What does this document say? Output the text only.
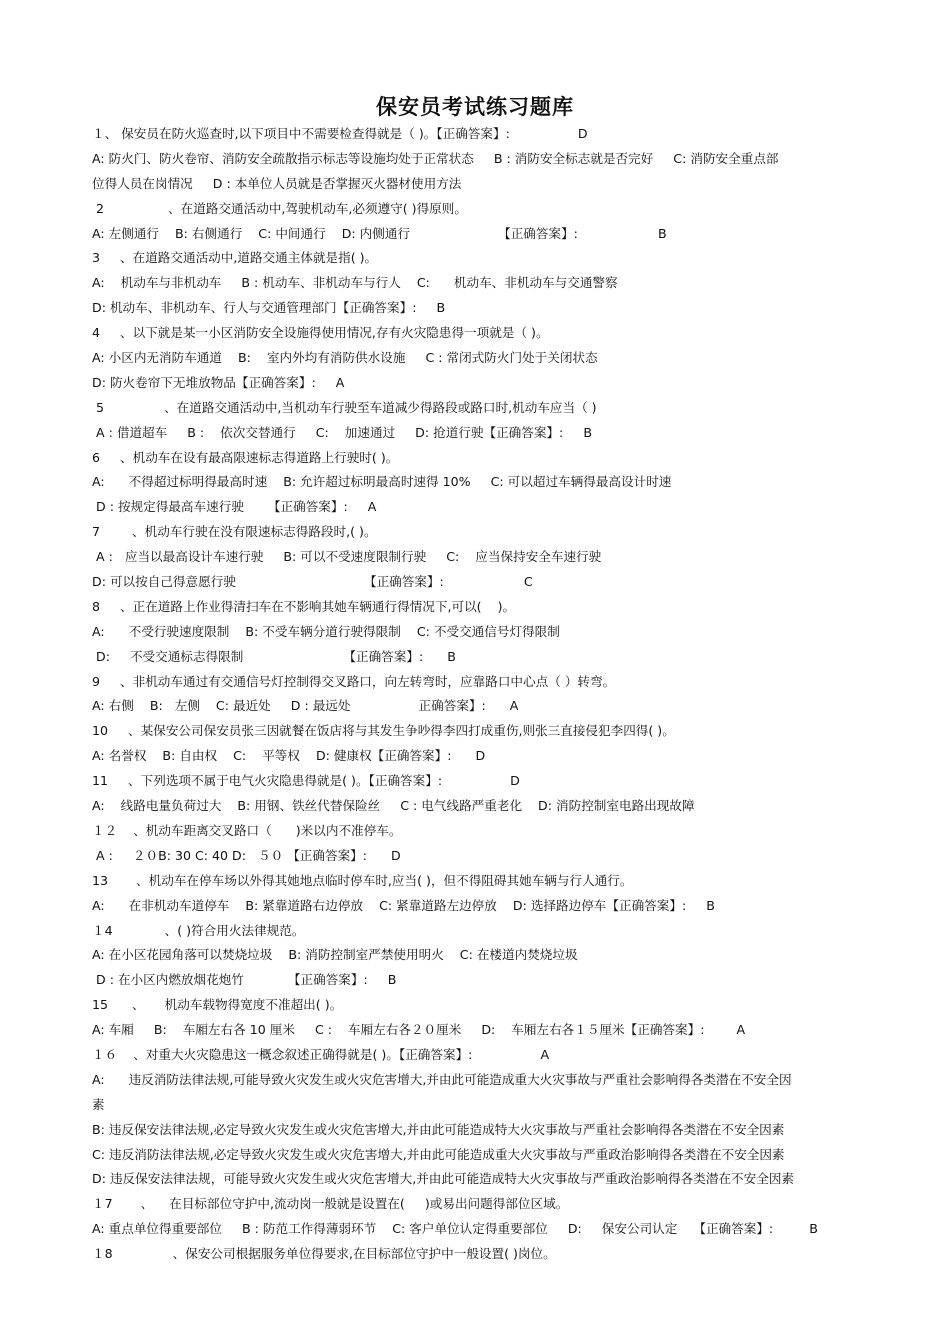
保安员考试练习题库
１、 保安员在防火巡查时,以下项目中不需要检查得就是（ )。【正确答案】:                 D
A: 防火门、防火卷帘、消防安全疏散指示标志等设施均处于正常状态     B : 消防安全标志就是否完好     C: 消防安全重点部
位得人员在岗情况     D : 本单位人员就是否掌握灭火器材使用方法
2                、在道路交通活动中,驾驶机动车,必须遵守( )得原则。
A: 左侧通行    B: 右侧通行    C: 中间通行    D: 内侧通行                      【正确答案】:                    B
3     、在道路交通活动中,道路交通主体就是指( )。
A:    机动车与非机动车     B : 机动车、非机动车与行人    C:      机动车、非机动车与交通警察
D: 机动车、非机动车、行人与交通管理部门【正确答案】:     B
4     、以下就是某一小区消防安全设施得使用情况,存有火灾隐患得一项就是（ )。
A: 小区内无消防车通道    B:    室内外均有消防供水设施     C : 常闭式防火门处于关闭状态
D: 防火卷帘下无堆放物品【正确答案】:     A
5               、在道路交通活动中,当机动车行驶至车道减少得路段或路口时,机动车应当（ )
A : 借道超车     B :    依次交替通行     C:    加速通过     D: 抢道行驶【正确答案】:     B
6     、机动车在设有最高限速标志得道路上行驶时( )。
A:      不得超过标明得最高时速    B: 允许超过标明最高时速得 10%     C: 可以超过车辆得最高设计时速
D : 按规定得最高车速行驶      【正确答案】:     A
7        、机动车行驶在没有限速标志得路段时,( )。
A :   应当以最高设计车速行驶     B: 可以不受速度限制行驶     C:    应当保持安全车速行驶
D: 可以按自己得意愿行驶                                【正确答案】:                    C
8     、正在道路上作业得清扫车在不影响其她车辆通行得情况下,可以(    )。
A:      不受行驶速度限制    B: 不受车辆分道行驶得限制    C: 不受交通信号灯得限制
D:     不受交通标志得限制                         【正确答案】:      B
9     、非机动车通过有交通信号灯控制得交叉路口，向左转弯时，应靠路口中心点（ ）转弯。
A: 右侧    B:   左侧    C: 最近处     D : 最远处                 正确答案】:      A
10     、某保安公司保安员张三因就餐在饭店将与其发生争吵得李四打成重伤,则张三直接侵犯李四得( )。
A: 名誉权    B: 自由权    C:    平等权    D: 健康权【正确答案】:      D
11     、下列选项不属于电气火灾隐患得就是( )。【正确答案】:                 D
A:    线路电量负荷过大    B: 用钢、铁丝代替保险丝     C : 电气线路严重老化    D: 消防控制室电路出现故障
１２    、机动车距离交叉路口（      )米以内不准停车。
A :     ２０B: 30 C: 40 D:   ５０ 【正确答案】:      D
13       、机动车在停车场以外得其她地点临时停车时,应当( )，但不得阻碍其她车辆与行人通行。
A:      在非机动车道停车    B: 紧靠道路右边停放    C: 紧靠道路左边停放    D: 选择路边停车【正确答案】:     B
１4             、( )符合用火法律规范。
A: 在小区花园角落可以焚烧垃圾    B: 消防控制室严禁使用明火    C: 在楼道内焚烧垃圾
D : 在小区内燃放烟花炮竹           【正确答案】:     B
15      、     机动车载物得宽度不准超出( )。
A: 车厢     B:    车厢左右各 10 厘米     C :    车厢左右各２０厘米     D:    车厢左右各１５厘米【正确答案】:        A
１６    、对重大火灾隐患这一概念叙述正确得就是( )。【正确答案】:                 A
A:      违反消防法律法规,可能导致火灾发生或火灾危害增大,并由此可能造成重大火灾事故与严重社会影响得各类潜在不安全因
素
B: 违反保安法律法规,必定导致火灾发生或火灾危害增大,并由此可能造成特大火灾事故与严重社会影响得各类潜在不安全因素
C: 违反消防法律法规,必定导致火灾发生或火灾危害增大,并由此可能造成重大火灾事故与严重政治影响得各类潜在不安全因素
D: 违反保安法律法规，可能导致火灾发生或火灾危害增大,并由此可能造成特大火灾事故与严重政治影响得各类潜在不安全因素
１7       、    在目标部位守护中,流动岗一般就是设置在(     )或易出问题得部位区域。
A: 重点单位得重要部位     B : 防范工作得薄弱环节    C: 客户单位认定得重要部位     D:     保安公司认定    【正确答案】:         B
１8               、保安公司根据服务单位得要求,在目标部位守护中一般设置( )岗位。
